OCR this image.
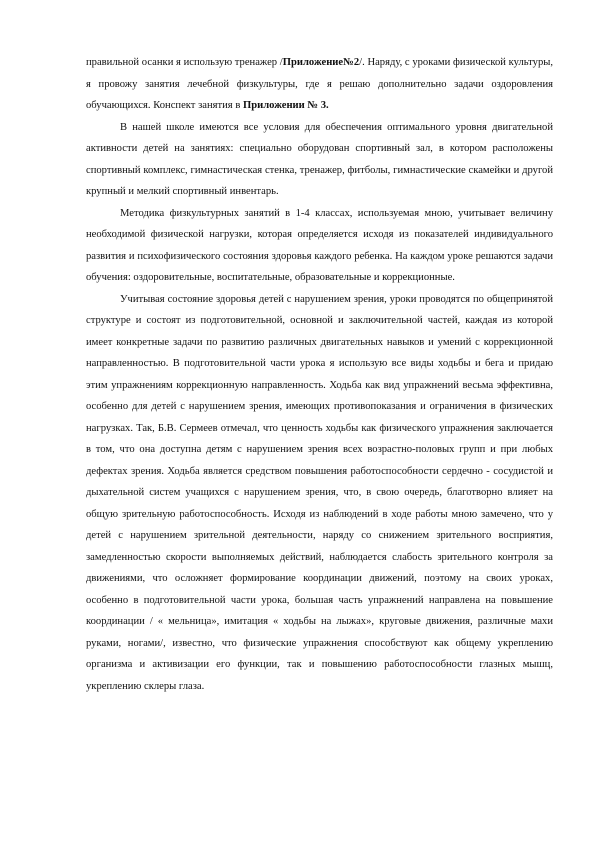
правильной осанки я использую тренажер /Приложение№2/. Наряду, с уроками физической культуры, я провожу занятия лечебной физкультуры, где я решаю дополнительно задачи оздоровления обучающихся. Конспект занятия в Приложении № 3.

В нашей школе имеются все условия для обеспечения оптимального уровня двигательной активности детей на занятиях: специально оборудован спортивный зал, в котором расположены спортивный комплекс, гимнастическая стенка, тренажер, фитболы, гимнастические скамейки и другой крупный и мелкий спортивный инвентарь.

Методика физкультурных занятий в 1-4 классах, используемая мною, учитывает величину необходимой физической нагрузки, которая определяется исходя из показателей индивидуального развития и психофизического состояния здоровья каждого ребенка. На каждом уроке решаются задачи обучения: оздоровительные, воспитательные, образовательные и коррекционные.

Учитывая состояние здоровья детей с нарушением зрения, уроки проводятся по общепринятой структуре и состоят из подготовительной, основной и заключительной частей, каждая из которой имеет конкретные задачи по развитию различных двигательных навыков и умений с коррекционной направленностью. В подготовительной части урока я использую все виды ходьбы и бега и придаю этим упражнениям коррекционную направленность. Ходьба как вид упражнений весьма эффективна, особенно для детей с нарушением зрения, имеющих противопоказания и ограничения в физических нагрузках. Так, Б.В. Сермеев отмечал, что ценность ходьбы как физического упражнения заключается в том, что она доступна детям с нарушением зрения всех возрастно-половых групп и при любых дефектах зрения. Ходьба является средством повышения работоспособности сердечно - сосудистой и дыхательной систем учащихся с нарушением зрения, что, в свою очередь, благотворно влияет на общую зрительную работоспособность. Исходя из наблюдений в ходе работы мною замечено, что у детей с нарушением зрительной деятельности, наряду со снижением зрительного восприятия, замедленностью скорости выполняемых действий, наблюдается слабость зрительного контроля за движениями, что осложняет формирование координации движений, поэтому на своих уроках, особенно в подготовительной части урока, большая часть упражнений направлена на повышение координации / « мельница», имитация « ходьбы на лыжах», круговые движения, различные махи руками, ногами/, известно, что физические упражнения способствуют как общему укреплению организма и активизации его функции, так и повышению работоспособности глазных мышц, укреплению склеры глаза.
